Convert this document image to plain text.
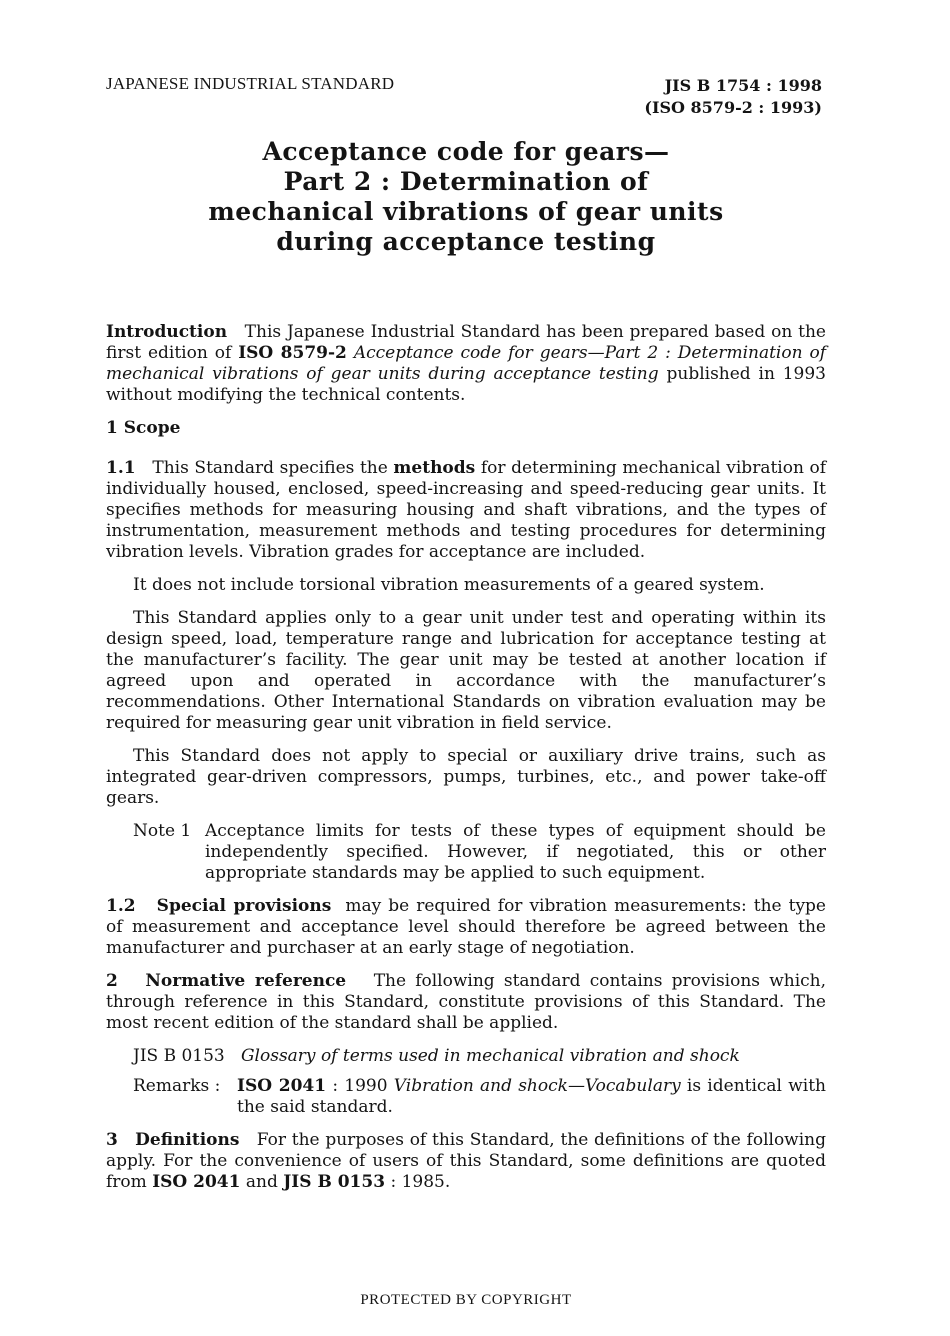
JAPANESE INDUSTRIAL STANDARD	JIS B 1754 : 1998
(ISO 8579-2 : 1993)
Acceptance code for gears—
Part 2 : Determination of
mechanical vibrations of gear units
during acceptance testing

Introduction This Japanese Industrial Standard has been prepared based on the first edition of ISO 8579-2 Acceptance code for gears—Part 2 : Determination of mechanical vibrations of gear units during acceptance testing published in 1993 without modifying the technical contents.

1 Scope

1.1 This Standard specifies the methods for determining mechanical vibration of individually housed, enclosed, speed-increasing and speed-reducing gear units. It specifies methods for measuring housing and shaft vibrations, and the types of instrumentation, measurement methods and testing procedures for determining vibration levels. Vibration grades for acceptance are included.

It does not include torsional vibration measurements of a geared system.

This Standard applies only to a gear unit under test and operating within its design speed, load, temperature range and lubrication for acceptance testing at the manufacturer’s facility. The gear unit may be tested at another location if agreed upon and operated in accordance with the manufacturer’s recommendations. Other International Standards on vibration evaluation may be required for measuring gear unit vibration in field service.

This Standard does not apply to special or auxiliary drive trains, such as integrated gear-driven compressors, pumps, turbines, etc., and power take-off gears.

Note 1 Acceptance limits for tests of these types of equipment should be independently specified. However, if negotiated, this or other appropriate standards may be applied to such equipment.

1.2 Special provisions may be required for vibration measurements: the type of measurement and acceptance level should therefore be agreed between the manufacturer and purchaser at an early stage of negotiation.

2 Normative reference The following standard contains provisions which, through reference in this Standard, constitute provisions of this Standard. The most recent edition of the standard shall be applied.

JIS B 0153 Glossary of terms used in mechanical vibration and shock

Remarks : ISO 2041 : 1990 Vibration and shock—Vocabulary is identical with the said standard.

3 Definitions For the purposes of this Standard, the definitions of the following apply. For the convenience of users of this Standard, some definitions are quoted from ISO 2041 and JIS B 0153 : 1985.

PROTECTED BY COPYRIGHT
